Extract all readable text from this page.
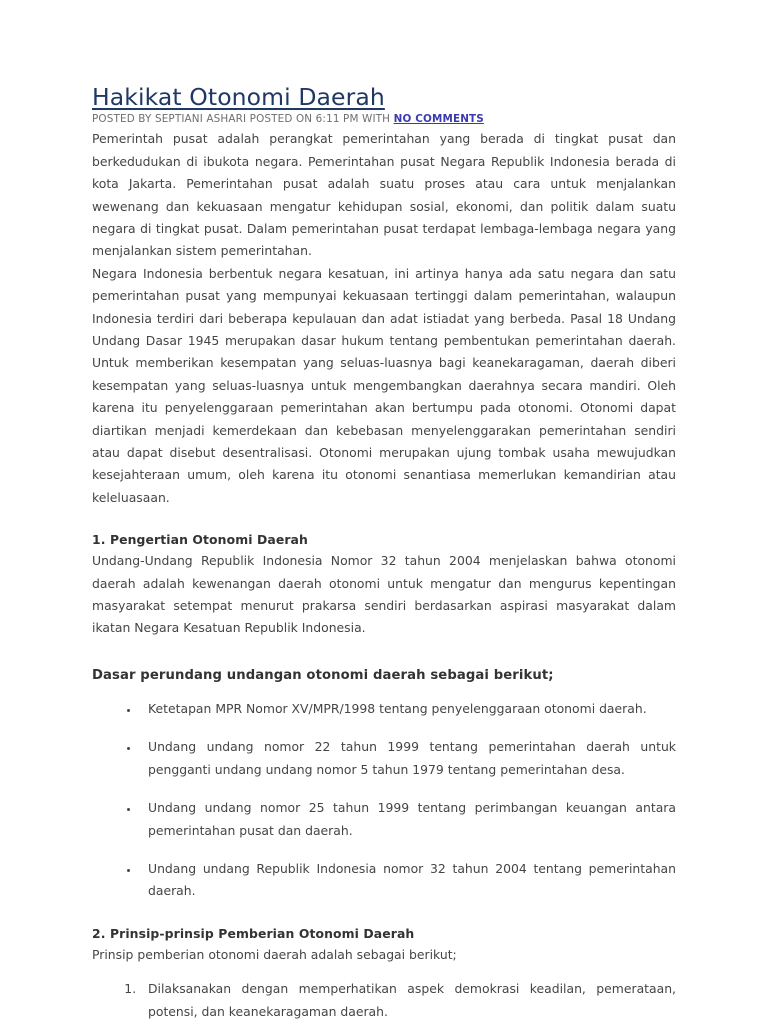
Hakikat Otonomi Daerah
POSTED BY SEPTIANI ASHARI POSTED ON 6:11 PM WITH NO COMMENTS

Pemerintah pusat adalah perangkat pemerintahan yang berada di tingkat pusat dan berkedudukan di ibukota negara. Pemerintahan pusat Negara Republik Indonesia berada di kota Jakarta. Pemerintahan pusat adalah suatu proses atau cara untuk menjalankan wewenang dan kekuasaan mengatur kehidupan sosial, ekonomi, dan politik dalam suatu negara di tingkat pusat. Dalam pemerintahan pusat terdapat lembaga-lembaga negara yang menjalankan sistem pemerintahan.

Negara Indonesia berbentuk negara kesatuan, ini artinya hanya ada satu negara dan satu pemerintahan pusat yang mempunyai kekuasaan tertinggi dalam pemerintahan, walaupun Indonesia terdiri dari beberapa kepulauan dan adat istiadat yang berbeda. Pasal 18 Undang Undang Dasar 1945 merupakan dasar hukum tentang pembentukan pemerintahan daerah. Untuk memberikan kesempatan yang seluas-luasnya bagi keanekaragaman, daerah diberi kesempatan yang seluas-luasnya untuk mengembangkan daerahnya secara mandiri. Oleh karena itu penyelenggaraan pemerintahan akan bertumpu pada otonomi. Otonomi dapat diartikan menjadi kemerdekaan dan kebebasan menyelenggarakan pemerintahan sendiri atau dapat disebut desentralisasi. Otonomi merupakan ujung tombak usaha mewujudkan kesejahteraan umum, oleh karena itu otonomi senantiasa memerlukan kemandirian atau keleluasaan.

1. Pengertian Otonomi Daerah

Undang-Undang Republik Indonesia Nomor 32 tahun 2004 menjelaskan bahwa otonomi daerah adalah kewenangan daerah otonomi untuk mengatur dan mengurus kepentingan masyarakat setempat menurut prakarsa sendiri berdasarkan aspirasi masyarakat dalam ikatan Negara Kesatuan Republik Indonesia.

Dasar perundang undangan otonomi daerah sebagai berikut;
• Ketetapan MPR Nomor XV/MPR/1998 tentang penyelenggaraan otonomi daerah.
• Undang undang nomor 22 tahun 1999 tentang pemerintahan daerah untuk pengganti undang undang nomor 5 tahun 1979 tentang pemerintahan desa.
• Undang undang nomor 25 tahun 1999 tentang perimbangan keuangan antara pemerintahan pusat dan daerah.
• Undang undang Republik Indonesia nomor 32 tahun 2004 tentang pemerintahan daerah.
2. Prinsip-prinsip Pemberian Otonomi Daerah

Prinsip pemberian otonomi daerah adalah sebagai berikut;

1. Dilaksanakan dengan memperhatikan aspek demokrasi keadilan, pemerataan, potensi, dan keanekaragaman daerah.
